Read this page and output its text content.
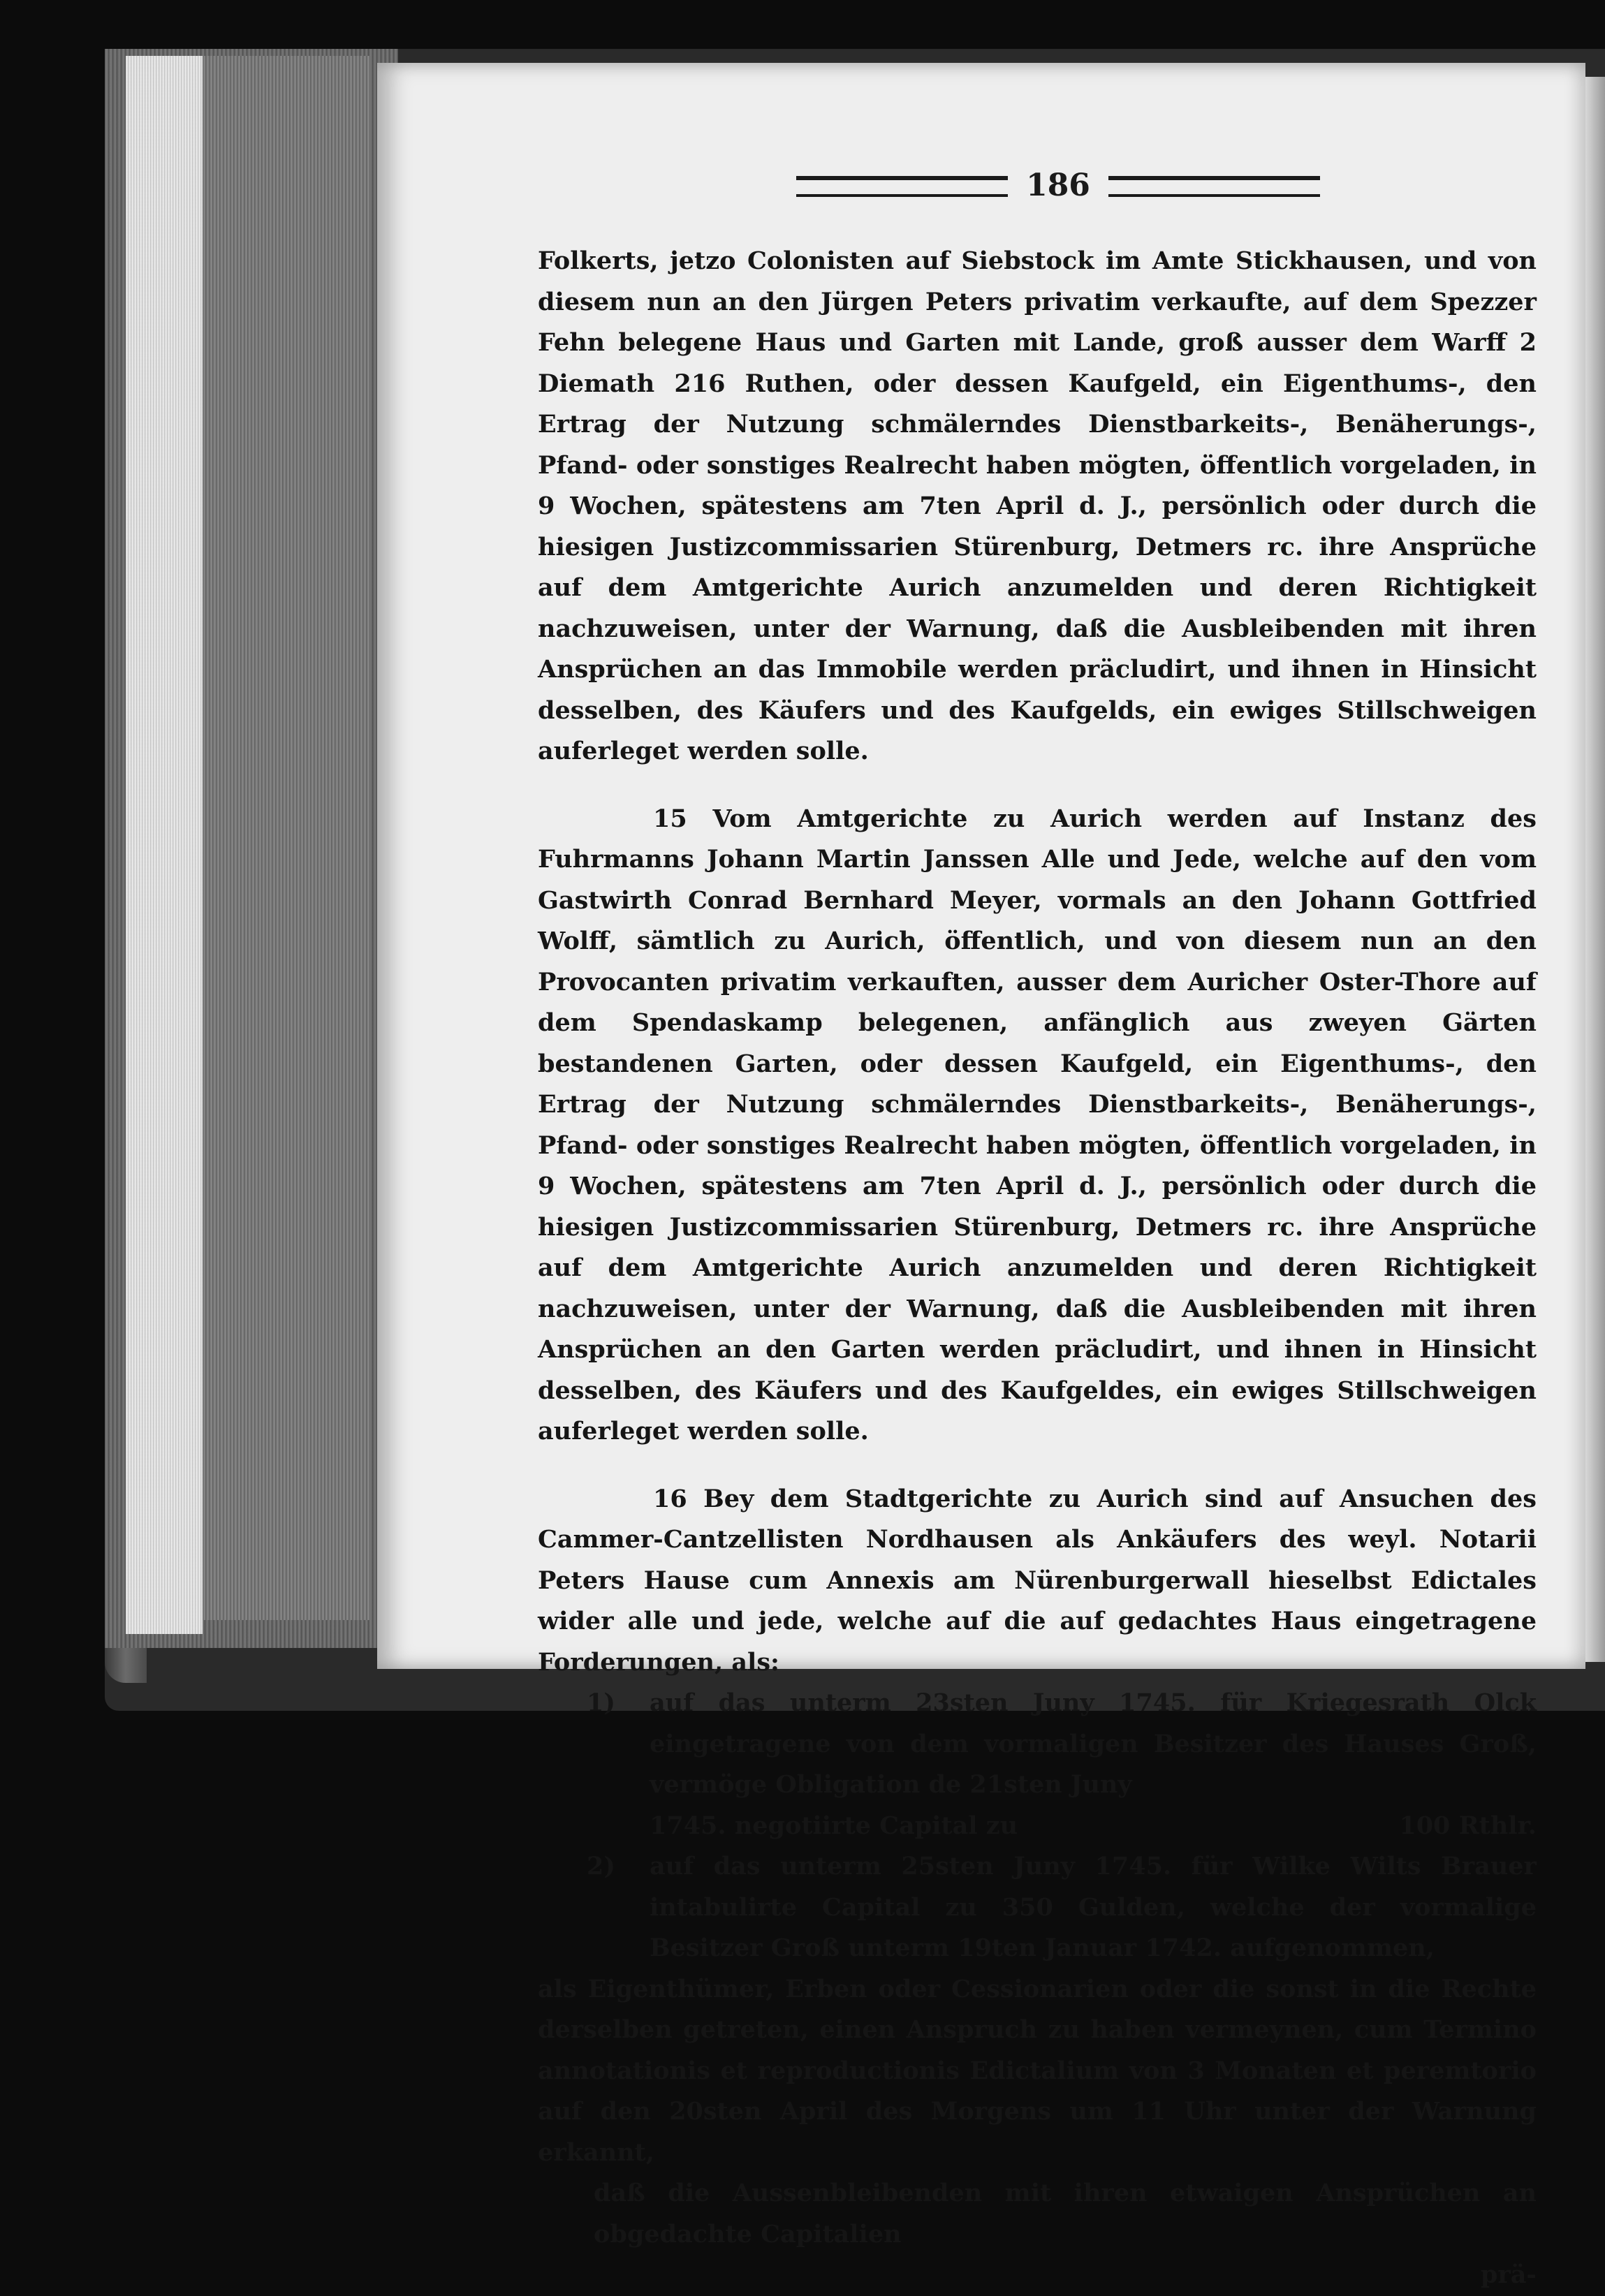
186

Folkerts, jetzo Colonisten auf Siebstock im Amte Stickhausen, und von diesem nun an den Jürgen Peters privatim verkaufte, auf dem Spezzer Fehn belegene Haus und Garten mit Lande, groß ausser dem Warff 2 Diemath 216 Ruthen, oder dessen Kaufgeld, ein Eigenthums-, den Ertrag der Nutzung schmälerndes Dienstbarkeits-, Benäherungs-, Pfand- oder sonstiges Realrecht haben mögten, öffentlich vorgeladen, in 9 Wochen, spätestens am 7ten April d. J., persönlich oder durch die hiesigen Justizcommissarien Stürenburg, Detmers rc. ihre Ansprüche auf dem Amtgerichte Aurich anzumelden und deren Richtigkeit nachzuweisen, unter der Warnung, daß die Ausbleibenden mit ihren Ansprüchen an das Immobile werden präcludirt, und ihnen in Hinsicht desselben, des Käufers und des Kaufgelds, ein ewiges Stillschweigen auferleget werden solle.

15 Vom Amtgerichte zu Aurich werden auf Instanz des Fuhrmanns Johann Martin Janssen Alle und Jede, welche auf den vom Gastwirth Conrad Bernhard Meyer, vormals an den Johann Gottfried Wolff, sämtlich zu Aurich, öffentlich, und von diesem nun an den Provocanten privatim verkauften, ausser dem Auricher Oster-Thore auf dem Spendaskamp belegenen, anfänglich aus zweyen Gärten bestandenen Garten, oder dessen Kaufgeld, ein Eigenthums-, den Ertrag der Nutzung schmälerndes Dienstbarkeits-, Benäherungs-, Pfand- oder sonstiges Realrecht haben mögten, öffentlich vorgeladen, in 9 Wochen, spätestens am 7ten April d. J., persönlich oder durch die hiesigen Justizcommissarien Stürenburg, Detmers rc. ihre Ansprüche auf dem Amtgerichte Aurich anzumelden und deren Richtigkeit nachzuweisen, unter der Warnung, daß die Ausbleibenden mit ihren Ansprüchen an den Garten werden präcludirt, und ihnen in Hinsicht desselben, des Käufers und des Kaufgeldes, ein ewiges Stillschweigen auferleget werden solle.

16 Bey dem Stadtgerichte zu Aurich sind auf Ansuchen des Cammer-Cantzellisten Nordhausen als Ankäufers des weyl. Notarii Peters Hause cum Annexis am Nürenburgerwall hieselbst Edictales wider alle und jede, welche auf die auf gedachtes Haus eingetragene Forderungen, als:

1) auf das unterm 23sten Juny 1745. für Kriegesrath Olck eingetragene von dem vormaligen Besitzer des Hauses Groß, vermöge Obligation de 21sten Juny
1745. negotiirte Capital zu	100 Rthlr.
2) auf das unterm 25sten Juny 1745. für Wilke Wilts Brauer intabulirte Capital zu 350 Gulden, welche der vormalige Besitzer Groß unterm 19ten Januar 1742. aufgenommen,

als Eigenthümer, Erben oder Cessionarien oder die sonst in die Rechte derselben getreten, einen Anspruch zu haben vermeynen, cum Termino annotationis et reproductionis Edictalium von 3 Monaten et peremtorio auf den 20sten April des Morgens um 11 Uhr unter der Warnung erkannt,

daß die Aussenbleibenden mit ihren etwaigen Ansprüchen an obgedachte Capitalien

prä-
